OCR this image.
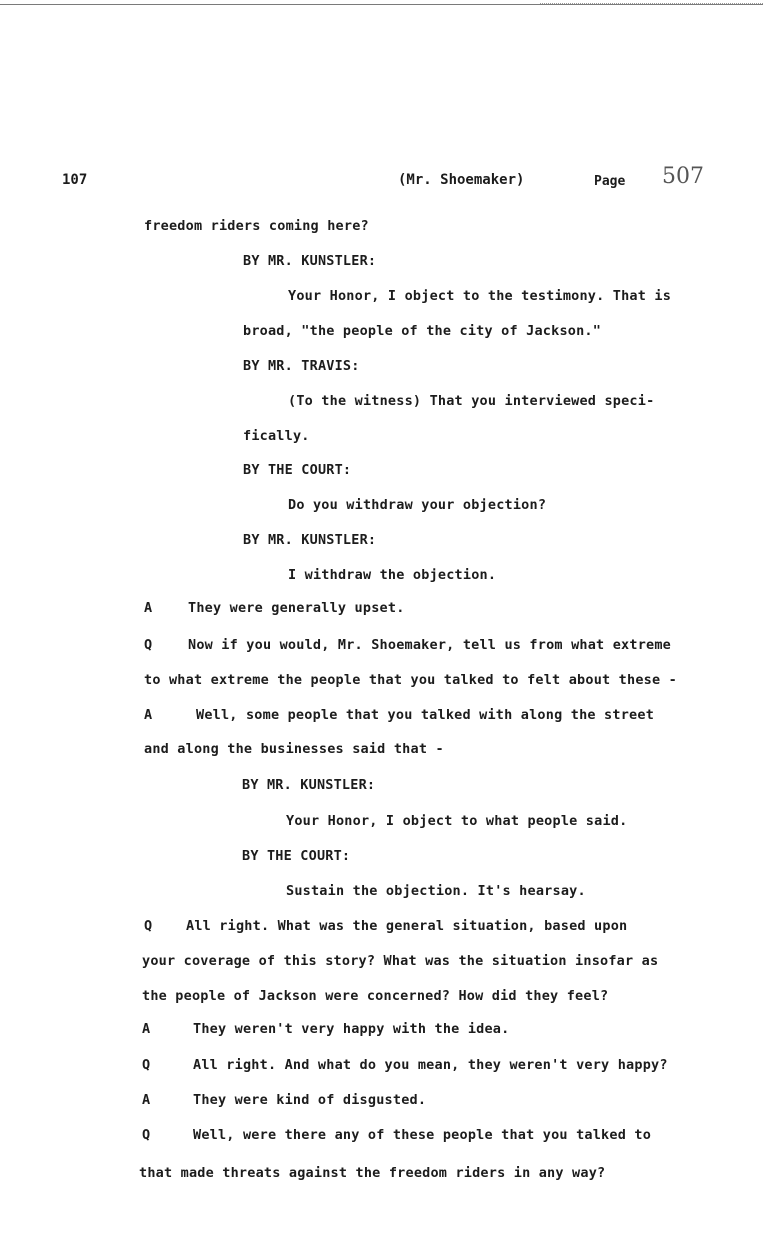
107	(Mr. Shoemaker)	Page 507
freedom riders coming here?
BY MR. KUNSTLER:
Your Honor, I object to the testimony. That is
broad, "the people of the city of Jackson."
BY MR. TRAVIS:
(To the witness) That you interviewed speci-
fically.
BY THE COURT:
Do you withdraw your objection?
BY MR. KUNSTLER:
I withdraw the objection.
A	They were generally upset.
Q	Now if you would, Mr. Shoemaker, tell us from what extreme
to what extreme the people that you talked to felt about these -
A	Well, some people that you talked with along the street
and along the businesses said that -
BY MR. KUNSTLER:
Your Honor, I object to what people said.
BY THE COURT:
Sustain the objection. It's hearsay.
Q	All right. What was the general situation, based upon
your coverage of this story? What was the situation insofar as
the people of Jackson were concerned? How did they feel?
A	They weren't very happy with the idea.
Q	All right. And what do you mean, they weren't very happy?
A	They were kind of disgusted.
Q	Well, were there any of these people that you talked to
that made threats against the freedom riders in any way?
